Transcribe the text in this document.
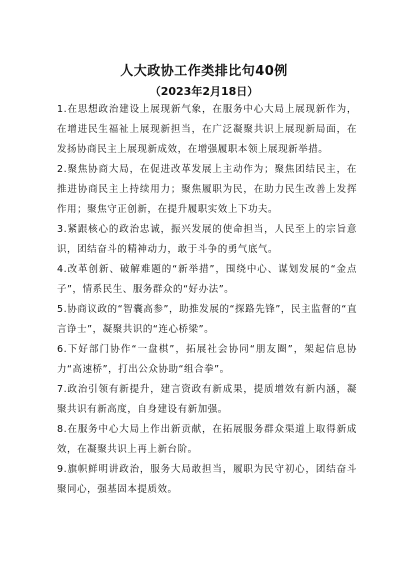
人大政协工作类排比句40例
（2023年2月18日）

1.在思想政治建设上展现新气象，在服务中心大局上展现新作为，在增进民生福祉上展现新担当，在广泛凝聚共识上展现新局面，在发扬协商民主上展现新成效，在增强履职本领上展现新举措。

2.聚焦协商大局，在促进改革发展上主动作为；聚焦团结民主，在推进协商民主上持续用力；聚焦履职为民，在助力民生改善上发挥作用；聚焦守正创新，在提升履职实效上下功夫。

3.紧跟核心的政治忠诚，振兴发展的使命担当，人民至上的宗旨意识，团结奋斗的精神动力，敢于斗争的勇气底气。

4.改革创新、破解难题的“新举措”，围绕中心、谋划发展的“金点子”，情系民生、服务群众的“好办法”。

5.协商议政的“智囊高参”，助推发展的“探路先锋”，民主监督的“直言诤士”，凝聚共识的“连心桥梁”。

6.下好部门协作“一盘棋”，拓展社会协同“朋友圈”，架起信息协力“高速桥”，打出公众协助“组合拳”。

7.政治引领有新提升，建言资政有新成果，提质增效有新内涵，凝聚共识有新高度，自身建设有新加强。

8.在服务中心大局上作出新贡献，在拓展服务群众渠道上取得新成效，在凝聚共识上再上新台阶。

9.旗帜鲜明讲政治，服务大局敢担当，履职为民守初心，团结奋斗聚同心，强基固本提质效。
